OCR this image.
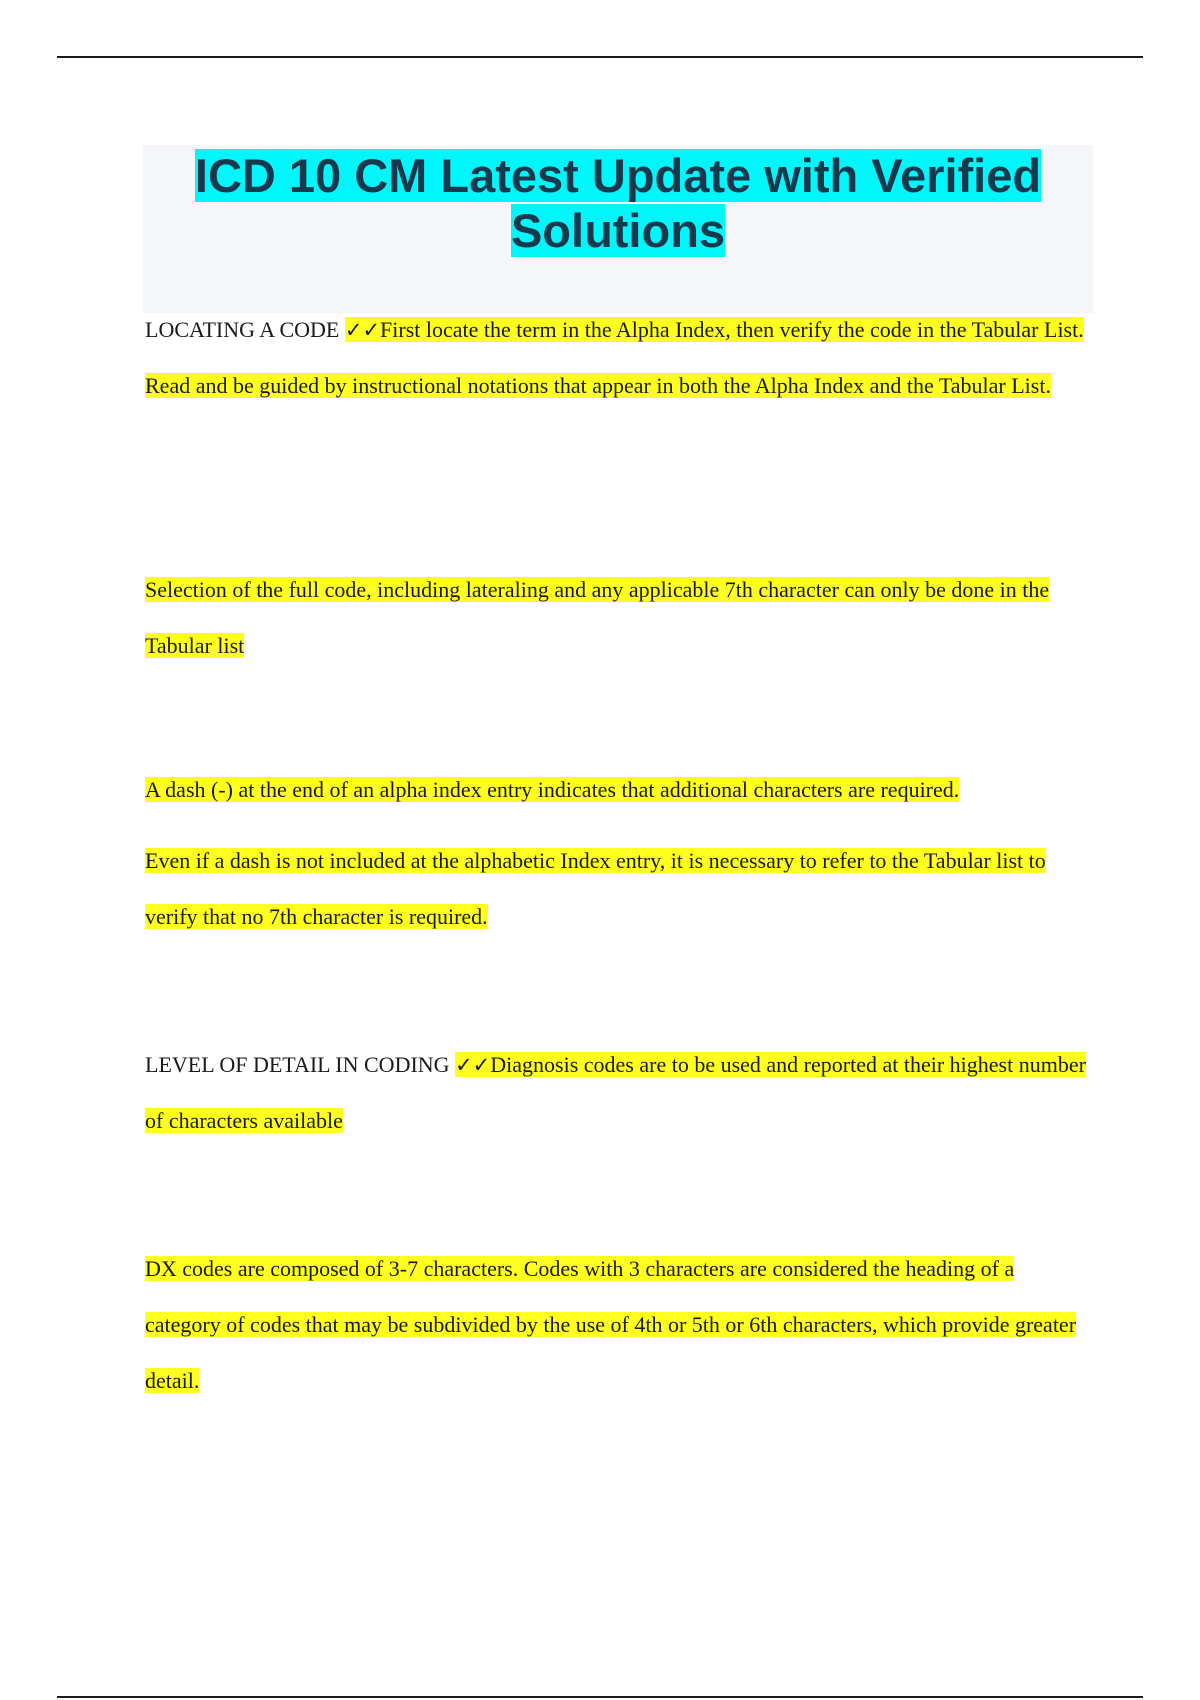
ICD 10 CM Latest Update with Verified Solutions

LOCATING A CODE ✓✓First locate the term in the Alpha Index, then verify the code in the Tabular List. Read and be guided by instructional notations that appear in both the Alpha Index and the Tabular List.

Selection of the full code, including lateraling and any applicable 7th character can only be done in the Tabular list

A dash (-) at the end of an alpha index entry indicates that additional characters are required.

Even if a dash is not included at the alphabetic Index entry, it is necessary to refer to the Tabular list to verify that no 7th character is required.

LEVEL OF DETAIL IN CODING ✓✓Diagnosis codes are to be used and reported at their highest number of characters available

DX codes are composed of 3-7 characters. Codes with 3 characters are considered the heading of a category of codes that may be subdivided by the use of 4th or 5th or 6th characters, which provide greater detail.
